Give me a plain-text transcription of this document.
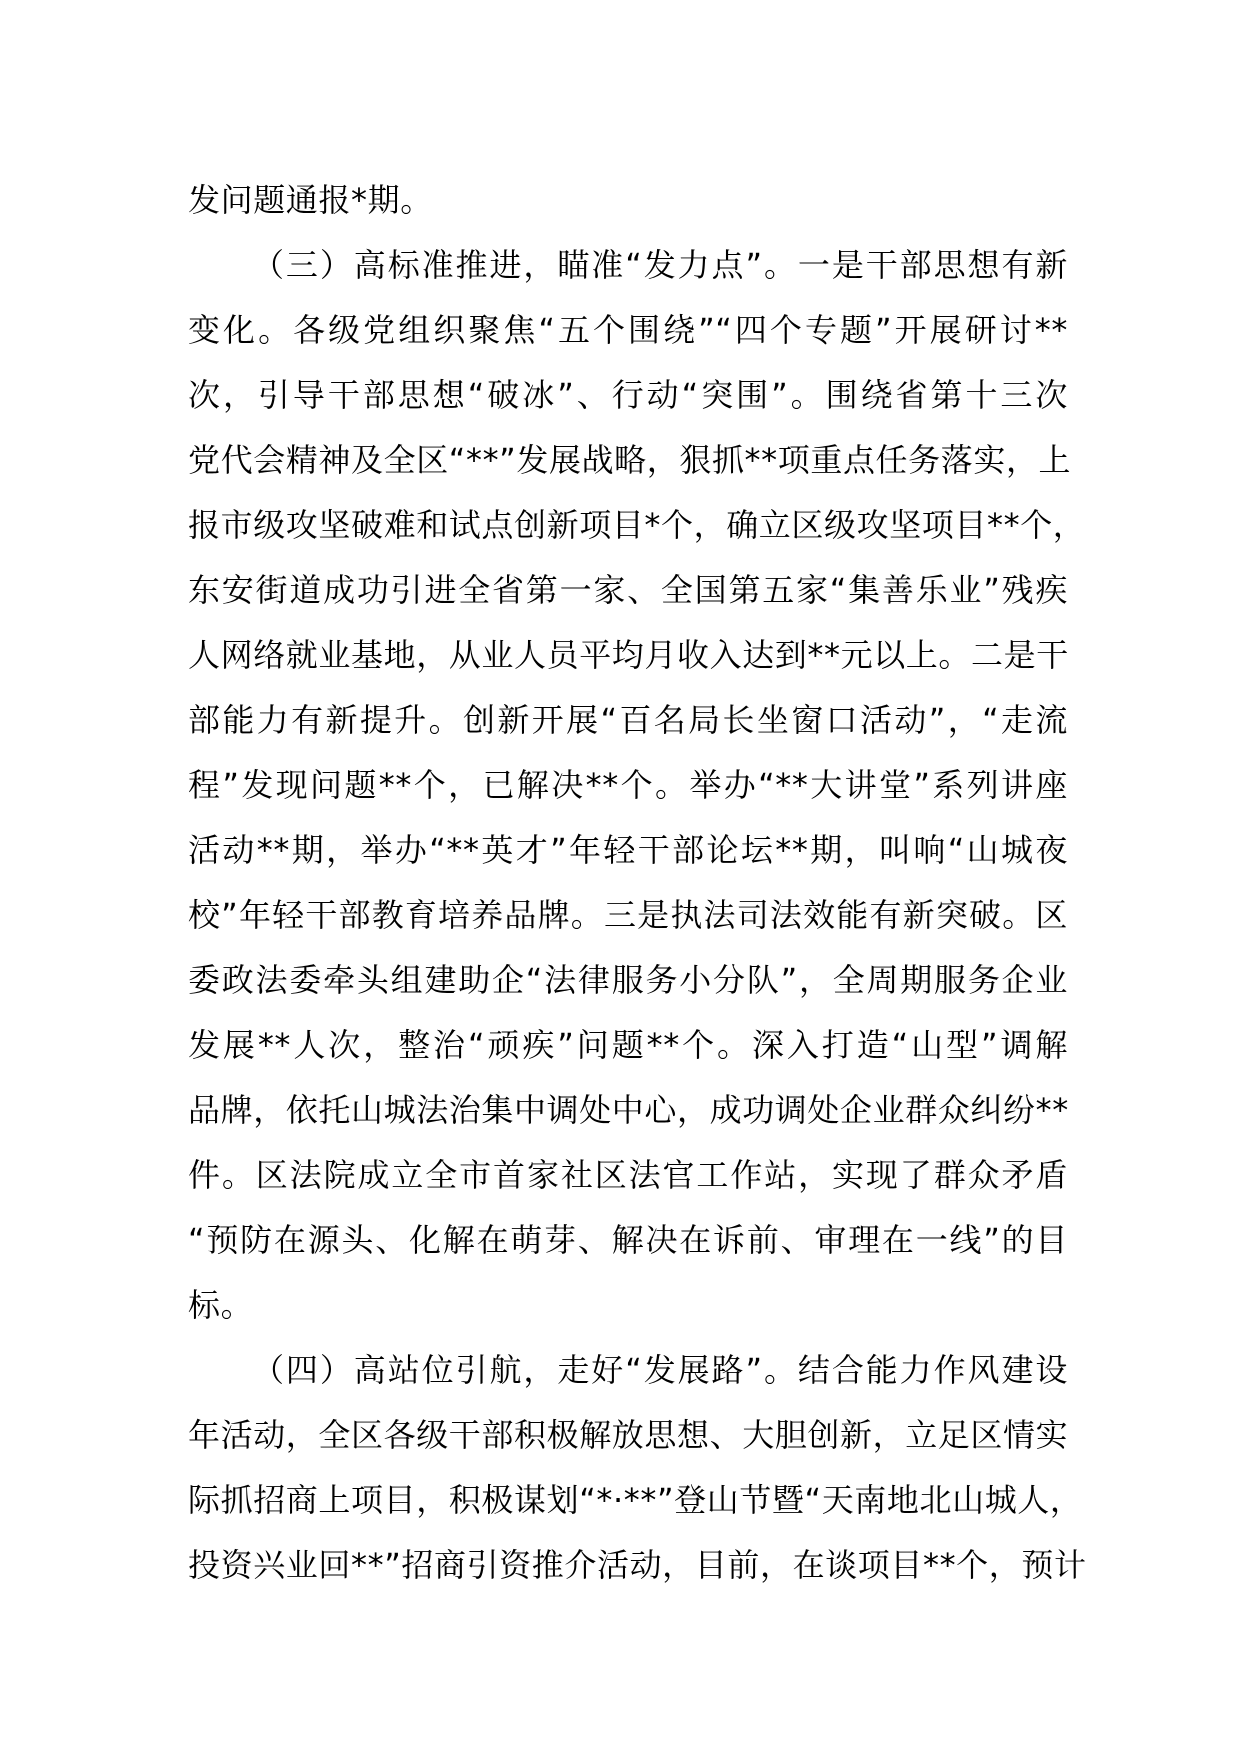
发问题通报*期。
（三）高标准推进，瞄准“发力点”。一是干部思想有新
变化。各级党组织聚焦“五个围绕”“四个专题”开展研讨**
次，引导干部思想“破冰”、行动“突围”。围绕省第十三次
党代会精神及全区“**”发展战略，狠抓**项重点任务落实，上
报市级攻坚破难和试点创新项目*个，确立区级攻坚项目**个，
东安街道成功引进全省第一家、全国第五家“集善乐业”残疾
人网络就业基地，从业人员平均月收入达到**元以上。二是干
部能力有新提升。创新开展“百名局长坐窗口活动”，“走流
程”发现问题**个，已解决**个。举办“**大讲堂”系列讲座
活动**期，举办“**英才”年轻干部论坛**期，叫响“山城夜
校”年轻干部教育培养品牌。三是执法司法效能有新突破。区
委政法委牵头组建助企“法律服务小分队”，全周期服务企业
发展**人次，整治“顽疾”问题**个。深入打造“山型”调解
品牌，依托山城法治集中调处中心，成功调处企业群众纠纷**
件。区法院成立全市首家社区法官工作站，实现了群众矛盾
“预防在源头、化解在萌芽、解决在诉前、审理在一线”的目
标。
（四）高站位引航，走好“发展路”。结合能力作风建设
年活动，全区各级干部积极解放思想、大胆创新，立足区情实
际抓招商上项目，积极谋划“*·**”登山节暨“天南地北山城人，
投资兴业回**”招商引资推介活动，目前，在谈项目**个，预计
